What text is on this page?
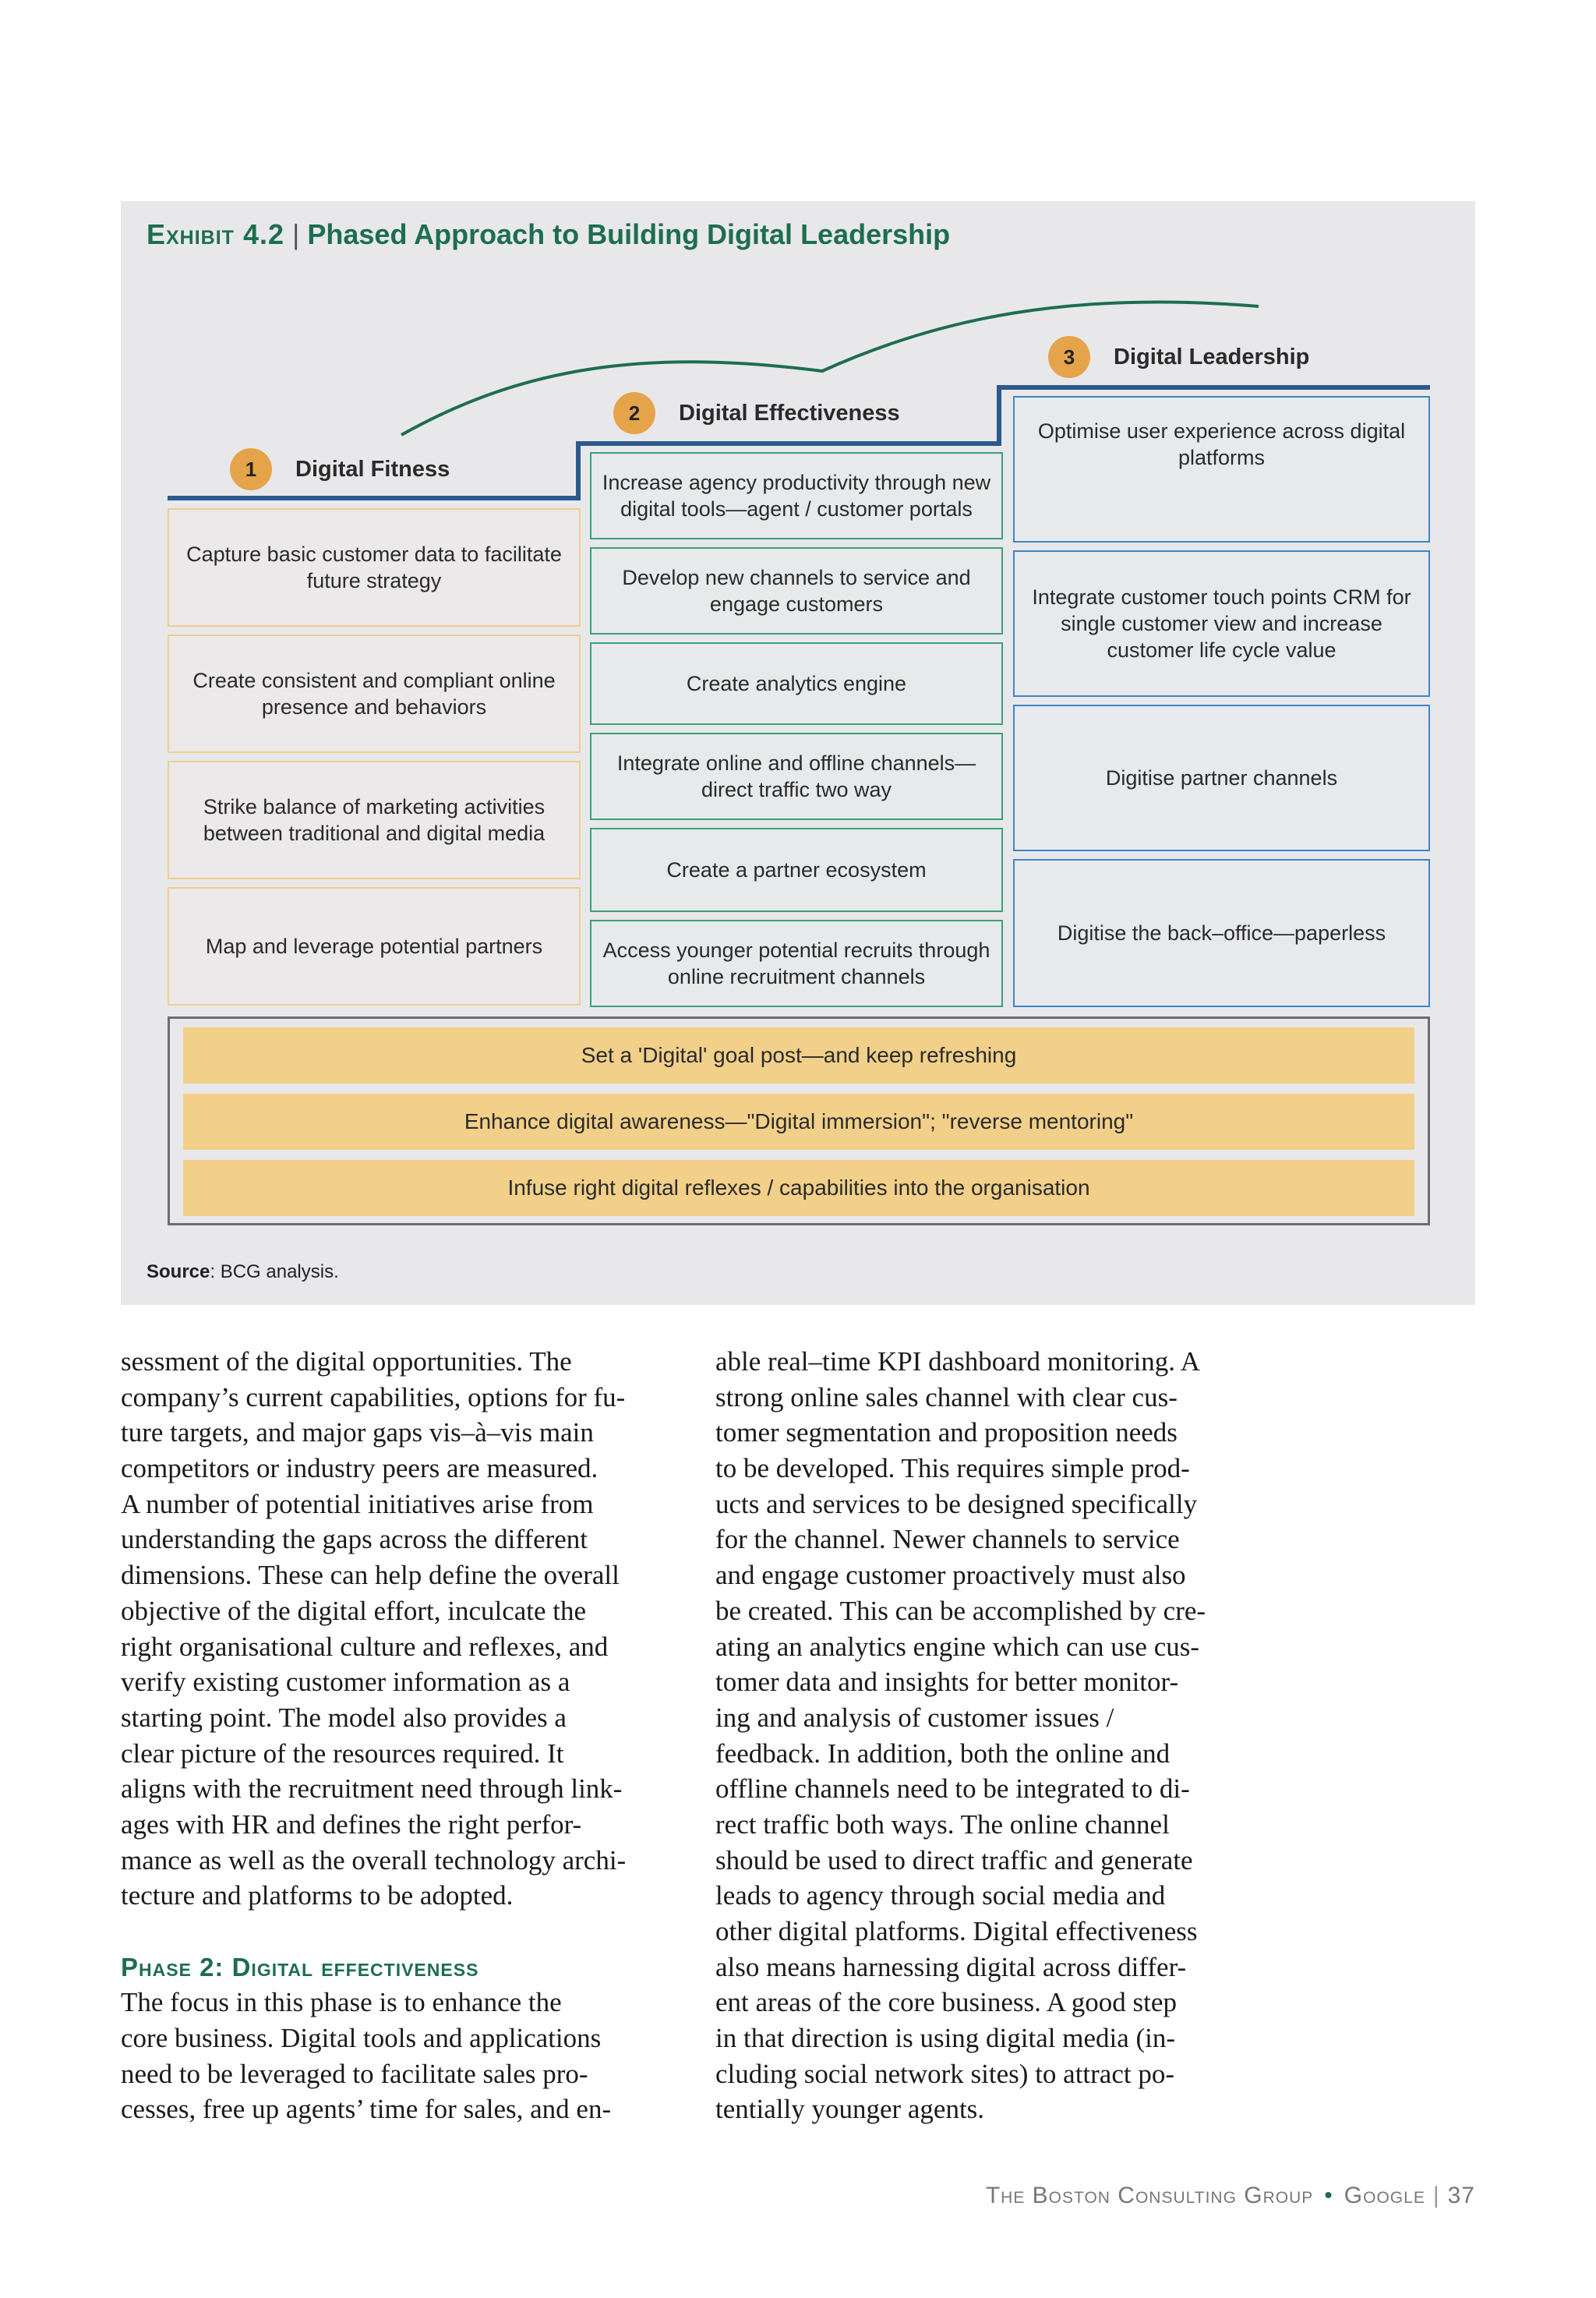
Exhibit 4.2 | Phased Approach to Building Digital Leadership
1	Digital Fitness
2	Digital Effectiveness
3	Digital Leadership
Capture basic customer data to facilitate future strategy
Create consistent and compliant online presence and behaviors
Strike balance of marketing activities between traditional and digital media
Map and leverage potential partners
Increase agency productivity through new digital tools—agent / customer portals
Develop new channels to service and engage customers
Create analytics engine
Integrate online and offline channels—direct traffic two way
Create a partner ecosystem
Access younger potential recruits through online recruitment channels
Optimise user experience across digital platforms
Integrate customer touch points CRM for single customer view and increase customer life cycle value
Digitise partner channels
Digitise the back–office—paperless
Set a 'Digital' goal post—and keep refreshing
Enhance digital awareness—"Digital immersion"; "reverse mentoring"
Infuse right digital reflexes / capabilities into the organisation
Source: BCG analysis.
sessment of the digital opportunities. The
company’s current capabilities, options for fu-
ture targets, and major gaps vis–à–vis main
competitors or industry peers are measured.
A number of potential initiatives arise from
understanding the gaps across the different
dimensions. These can help define the overall
objective of the digital effort, inculcate the
right organisational culture and reflexes, and
verify existing customer information as a
starting point. The model also provides a
clear picture of the resources required. It
aligns with the recruitment need through link-
ages with HR and defines the right perfor-
mance as well as the overall technology archi-
tecture and platforms to be adopted.
Phase 2: Digital effectiveness
The focus in this phase is to enhance the
core business. Digital tools and applications
need to be leveraged to facilitate sales pro-
cesses, free up agents’ time for sales, and en-
able real–time KPI dashboard monitoring. A
strong online sales channel with clear cus-
tomer segmentation and proposition needs
to be developed. This requires simple prod-
ucts and services to be designed specifically
for the channel. Newer channels to service
and engage customer proactively must also
be created. This can be accomplished by cre-
ating an analytics engine which can use cus-
tomer data and insights for better monitor-
ing and analysis of customer issues /
feedback. In addition, both the online and
offline channels need to be integrated to di-
rect traffic both ways. The online channel
should be used to direct traffic and generate
leads to agency through social media and
other digital platforms. Digital effectiveness
also means harnessing digital across differ-
ent areas of the core business. A good step
in that direction is using digital media (in-
cluding social network sites) to attract po-
tentially younger agents.
The Boston Consulting Group • Google | 37
